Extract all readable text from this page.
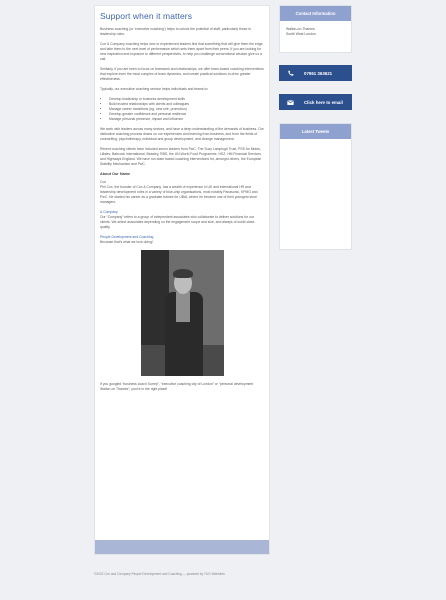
Support when it matters

Business coaching (or ‘executive coaching’) helps to unlock the potential of staff, particularly those in leadership roles.

Cox & Company coaching helps new or experienced leaders find that something that will give them the edge, and take them to the next level of performance which sets them apart from their peers. If you are looking for new inspiration and exposure to different perspectives, to help you challenge conventional wisdom give us a call.

Similarly, if you are keen to focus on teamwork and relationships, we offer team-based coaching interventions that explore even the most complex of team dynamics, and create practical solutions to drive greater effectiveness.

Typically, our executive coaching service helps individuals and teams to:

• Develop leadership or business development skills
• Build trusted relationships with clients and colleagues
• Manage career transitions (eg. new role, promotion)
• Develop greater confidence and personal resilience
• Manage personal presence, impact and influence

We work with leaders across many sectors, and have a deep understanding of the demands of business. Our distinctive coaching process draws on our experiences and learning from business, and from the fields of counselling, psychotherapy, individual and group development, and change management.

Recent coaching clients have included senior leaders from PwC, The Suzy Lamplugh Trust, PSS for Mutes, Lillalev, Babcock International, Beazley, RBS, the UN World Food Programme, HSZ, HM Financial Services and Highways England. We have run team based coaching interventions for, amongst others, the European Stability Mechanism and PwC.

About Our Name

Cox

Phil Cox, the founder of Cox & Company, has a wealth of experience in UK and international HR and leadership development roles in a variety of blue-chip organisations, most notably Panasonic, KPMG and PwC. He started his career as a graduate trainee for UBAL where he became one of their youngest store managers.

& Company

Our “Company” refers to a group of independent associates who collaborate to deliver solutions for our clients. We select associates depending on the engagement scope and size, and always of world-class quality.

People Development and Coaching

Because that’s what we love doing!

If you googled “business coach Surrey”, “executive coaching city of London” or “personal development Walton on Thames”, you’re in the right place!

Contact Information
Walton-on-Thames
South West London
07961 363621
Click here to email
Latest Tweets
©2022 Cox and Company People Development and Coaching — powered by TUG Websites
